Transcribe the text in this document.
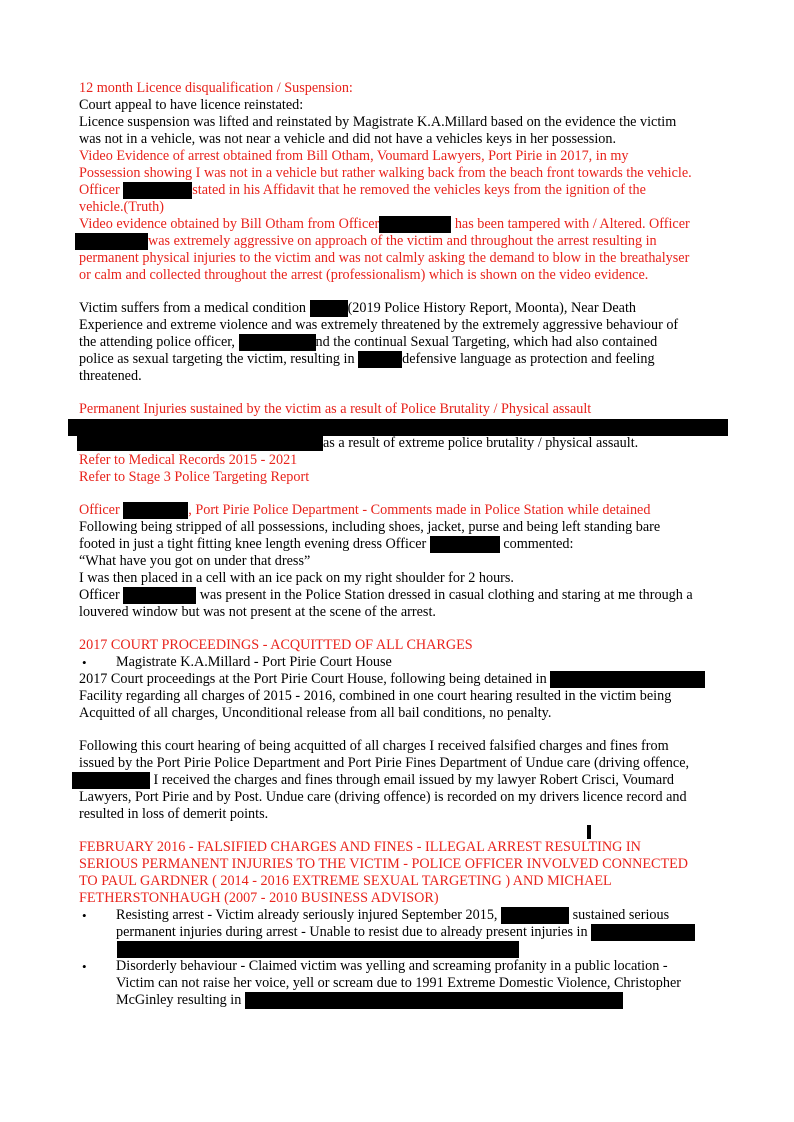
12 month Licence disqualification / Suspension:
Court appeal to have licence reinstated:
Licence suspension was lifted and reinstated by Magistrate K.A.Millard based on the evidence the victim
was not in a vehicle, was not near a vehicle and did not have a vehicles keys in her possession.
Video Evidence of arrest obtained from Bill Otham, Voumard Lawyers, Port Pirie in 2017, in my
Possession showing I was not in a vehicle but rather walking back from the beach front towards the vehicle.
Officer	stated in his Affidavit that he removed the vehicles keys from the ignition of the
vehicle.(Truth)
Video evidence obtained by Bill Otham from Officer	has been tampered with / Altered. Officer
was extremely aggressive on approach of the victim and throughout the arrest resulting in
permanent physical injuries to the victim and was not calmly asking the demand to blow in the breathalyser
or calm and collected throughout the arrest (professionalism) which is shown on the video evidence.
Victim suffers from a medical condition	(2019 Police History Report, Moonta), Near Death
Experience and extreme violence and was extremely threatened by the extremely aggressive behaviour of
the attending police officer,	nd the continual Sexual Targeting, which had also contained
police as sexual targeting the victim, resulting in	defensive language as protection and feeling
threatened.
Permanent Injuries sustained by the victim as a result of Police Brutality / Physical assault
as a result of extreme police brutality / physical assault.
Refer to Medical Records 2015 - 2021
Refer to Stage 3 Police Targeting Report
Officer	, Port Pirie Police Department - Comments made in Police Station while detained
Following being stripped of all possessions, including shoes, jacket, purse and being left standing bare
footed in just a tight fitting knee length evening dress Officer	commented:
“What have you got on under that dress”
I was then placed in a cell with an ice pack on my right shoulder for 2 hours.
Officer	was present in the Police Station dressed in casual clothing and staring at me through a
louvered window but was not present at the scene of the arrest.
2017 COURT PROCEEDINGS - ACQUITTED OF ALL CHARGES
• Magistrate K.A.Millard - Port Pirie Court House
2017 Court proceedings at the Port Pirie Court House, following being detained in
Facility regarding all charges of 2015 - 2016, combined in one court hearing resulted in the victim being
Acquitted of all charges, Unconditional release from all bail conditions, no penalty.
Following this court hearing of being acquitted of all charges I received falsified charges and fines from
issued by the Port Pirie Police Department and Port Pirie Fines Department of Undue care (driving offence,
I received the charges and fines through email issued by my lawyer Robert Crisci, Voumard
Lawyers, Port Pirie and by Post. Undue care (driving offence) is recorded on my drivers licence record and
resulted in loss of demerit points.
FEBRUARY 2016 - FALSIFIED CHARGES AND FINES - ILLEGAL ARREST RESULTING IN
SERIOUS PERMANENT INJURIES TO THE VICTIM - POLICE OFFICER INVOLVED CONNECTED
TO PAUL GARDNER ( 2014 - 2016 EXTREME SEXUAL TARGETING ) AND MICHAEL
FETHERSTONHAUGH (2007 - 2010 BUSINESS ADVISOR)
• Resisting arrest - Victim already seriously injured September 2015,	sustained serious
permanent injuries during arrest - Unable to resist due to already present injuries in
• Disorderly behaviour - Claimed victim was yelling and screaming profanity in a public location -
Victim can not raise her voice, yell or scream due to 1991 Extreme Domestic Violence, Christopher
McGinley resulting in
